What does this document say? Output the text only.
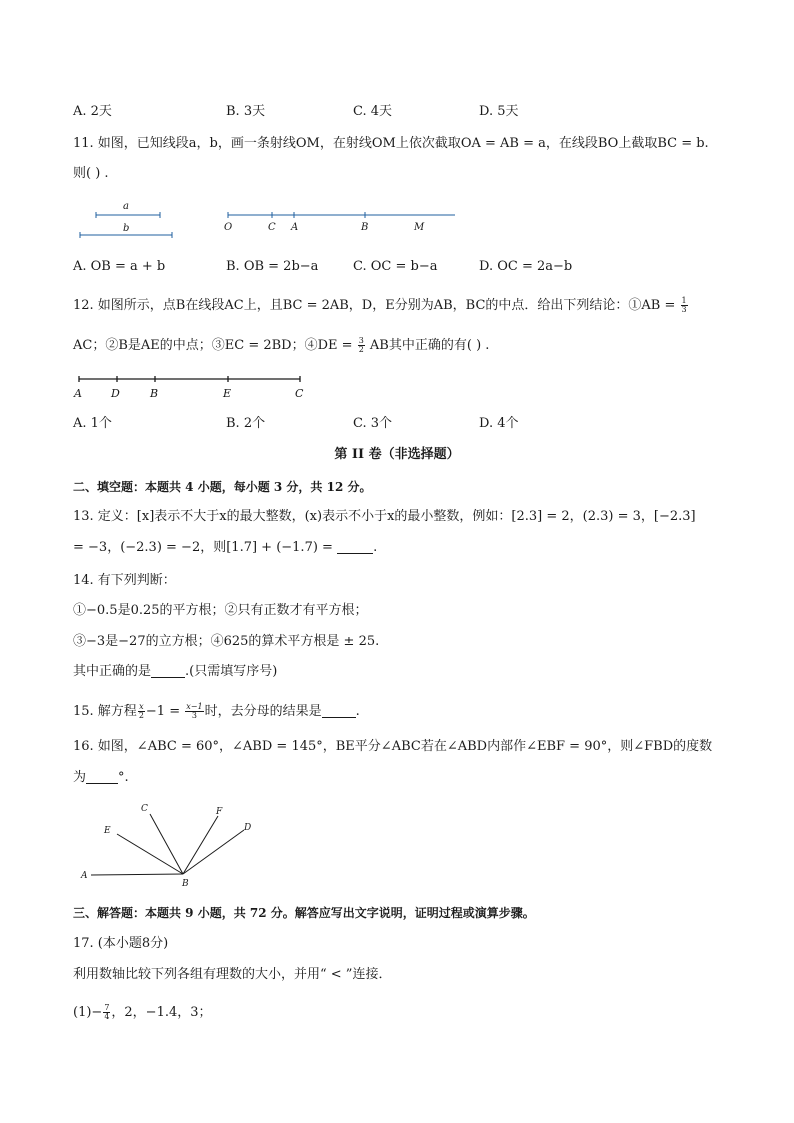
A. 2天	B. 3天	C. 4天	D. 5天
11. 如图，已知线段a，b，画一条射线OM，在射线OM上依次截取OA = AB = a，在线段BO上截取BC = b.
则( ) .
a
b	O	C A	B	M
A. OB = a + b	B. OB = 2b−a	C. OC = b−a	D. OC = 2a−b
12. 如图所示，点B在线段AC上，且BC = 2AB，D，E分别为AB，BC的中点．给出下列结论：①AB = $\frac{1}{3}$
AC；②B是AE的中点；③EC = 2BD；④DE = $\frac{3}{2}$ AB其中正确的有( ) .
A	D	B	E	C
A. 1个	B. 2个	C. 3个	D. 4个
第 II 卷（非选择题）
二、填空题：本题共 4 小题，每小题 3 分，共 12 分。
13. 定义：[x]表示不大于x的最大整数，(x)表示不小于x的最小整数，例如：[2.3] = 2，(2.3) = 3，[−2.3]
= −3，(−2.3) = −2，则[1.7] + (−1.7) =	.
14. 有下列判断：
①−0.5是0.25的平方根；②只有正数才有平方根；
③−3是−27的立方根；④625的算术平方根是 ± 25.
其中正确的是	.(只需填写序号)
15. 解方程 $\frac{x}{2} -1 = \frac{x-1}{3}$ 时，去分母的结果是	.
16. 如图，∠ABC = 60°，∠ABD = 145°，BE平分∠ABC若在∠ABD内部作∠EBF = 90°，则∠FBD的度数
为 °.
C
E
F
D
A
B
三、解答题：本题共 9 小题，共 72 分。解答应写出文字说明，证明过程或演算步骤。
17. (本小题8分)
利用数轴比较下列各组有理数的大小，并用“ < ”连接．
$(1)- \frac{7}{4}$ ，2，−1.4，3；
